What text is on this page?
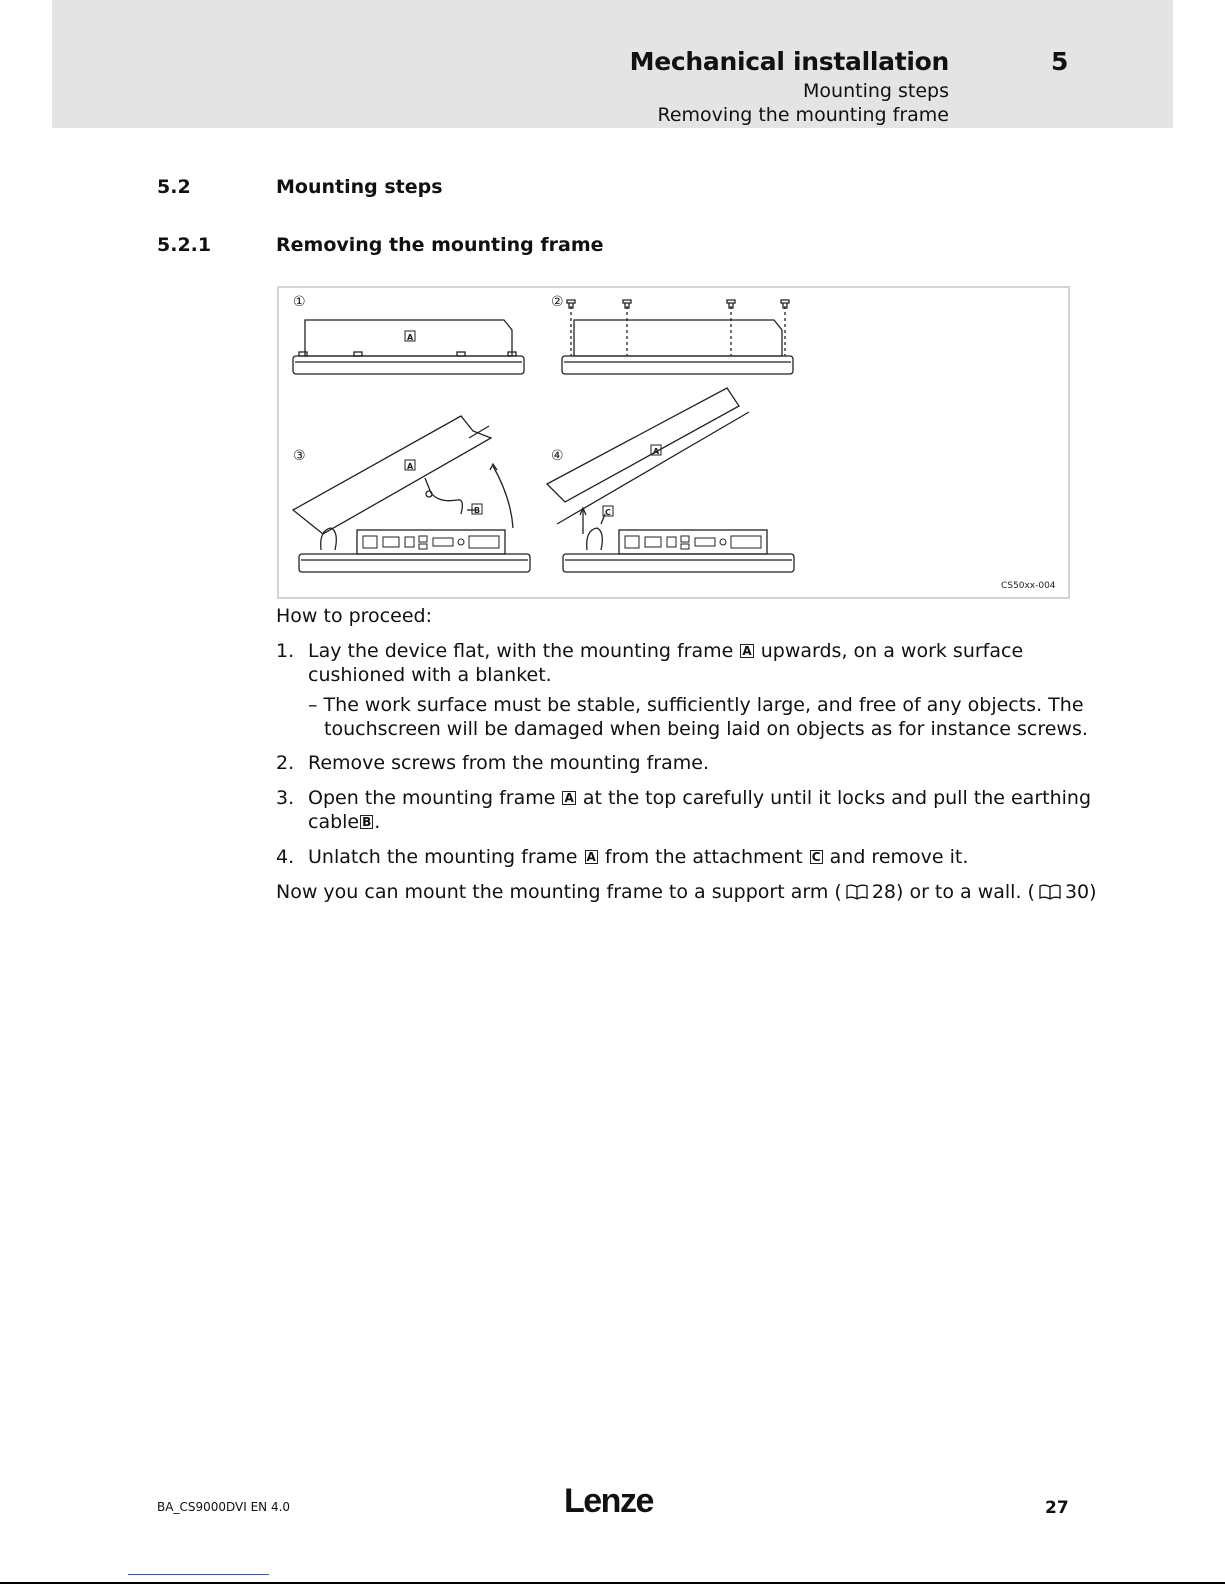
Mechanical installation	5
Mounting steps
Removing the mounting frame
5.2	Mounting steps
5.2.1	Removing the mounting frame
①	②
③	④
A
A
B
A
C
CS50xx-004
How to proceed:
1. Lay the device flat, with the mounting frame A upwards, on a work surface
cushioned with a blanket.
– The work surface must be stable, sufficiently large, and free of any objects. The
touchscreen will be damaged when being laid on objects as for instance screws.
2. Remove screws from the mounting frame.
3. Open the mounting frame A at the top carefully until it locks and pull the earthing
cable B .
4. Unlatch the mounting frame A from the attachment C and remove it.
Now you can mount the mounting frame to a support arm ( 28) or to a wall. ( 30)
BA_CS9000DVI EN 4.0	Lenze	27
